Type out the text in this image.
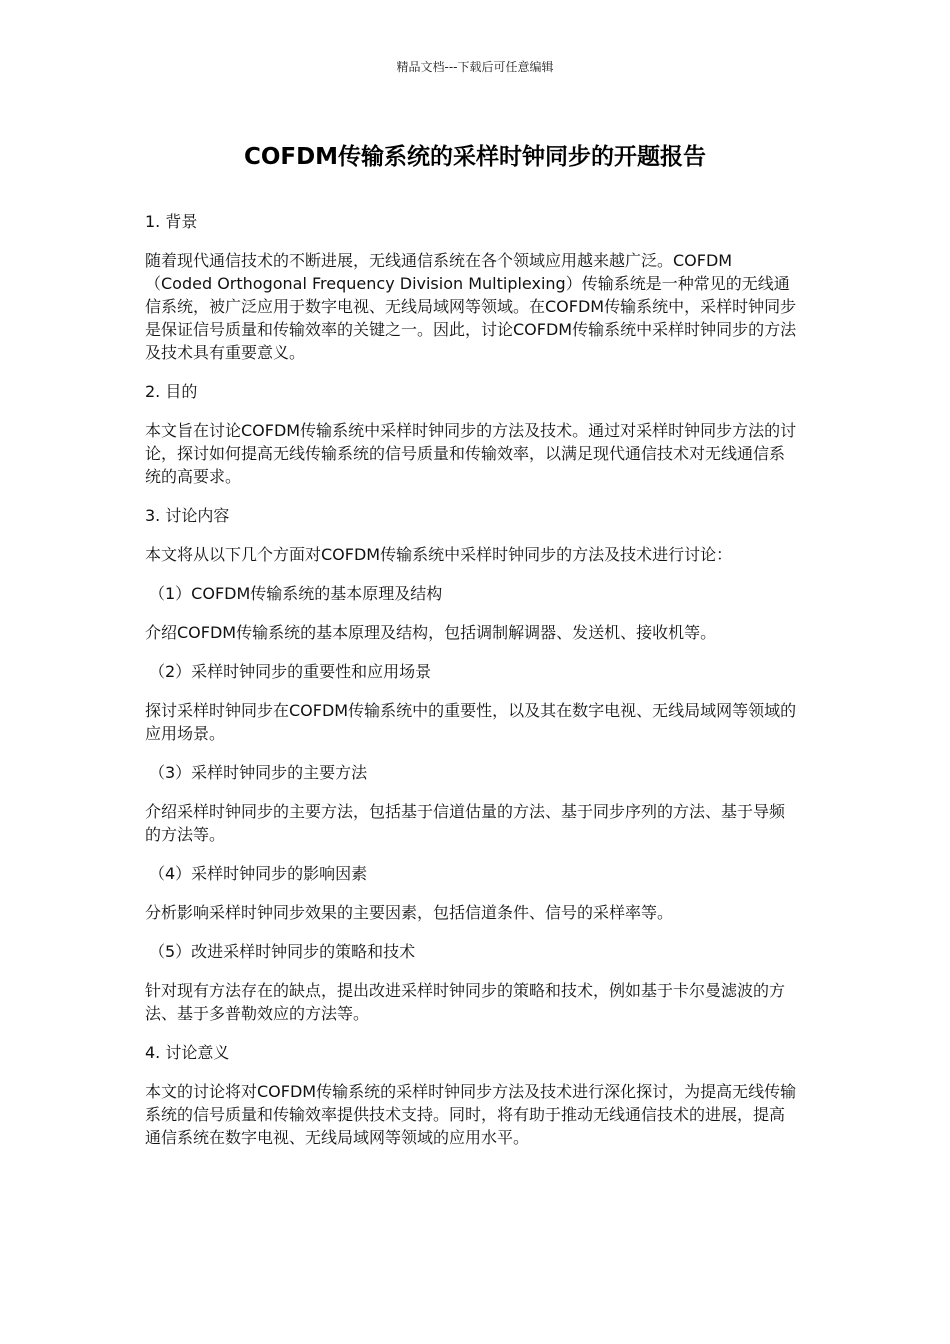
精品文档---下载后可任意编辑
COFDM传输系统的采样时钟同步的开题报告
1. 背景
随着现代通信技术的不断进展，无线通信系统在各个领域应用越来越广泛。COFDM（Coded Orthogonal Frequency Division Multiplexing）传输系统是一种常见的无线通信系统，被广泛应用于数字电视、无线局域网等领域。在COFDM传输系统中，采样时钟同步是保证信号质量和传输效率的关键之一。因此，讨论COFDM传输系统中采样时钟同步的方法及技术具有重要意义。
2. 目的
本文旨在讨论COFDM传输系统中采样时钟同步的方法及技术。通过对采样时钟同步方法的讨论，探讨如何提高无线传输系统的信号质量和传输效率，以满足现代通信技术对无线通信系统的高要求。
3. 讨论内容
本文将从以下几个方面对COFDM传输系统中采样时钟同步的方法及技术进行讨论：
（1）COFDM传输系统的基本原理及结构
介绍COFDM传输系统的基本原理及结构，包括调制解调器、发送机、接收机等。
（2）采样时钟同步的重要性和应用场景
探讨采样时钟同步在COFDM传输系统中的重要性，以及其在数字电视、无线局域网等领域的应用场景。
（3）采样时钟同步的主要方法
介绍采样时钟同步的主要方法，包括基于信道估量的方法、基于同步序列的方法、基于导频的方法等。
（4）采样时钟同步的影响因素
分析影响采样时钟同步效果的主要因素，包括信道条件、信号的采样率等。
（5）改进采样时钟同步的策略和技术
针对现有方法存在的缺点，提出改进采样时钟同步的策略和技术，例如基于卡尔曼滤波的方法、基于多普勒效应的方法等。
4. 讨论意义
本文的讨论将对COFDM传输系统的采样时钟同步方法及技术进行深化探讨，为提高无线传输系统的信号质量和传输效率提供技术支持。同时，将有助于推动无线通信技术的进展，提高通信系统在数字电视、无线局域网等领域的应用水平。
